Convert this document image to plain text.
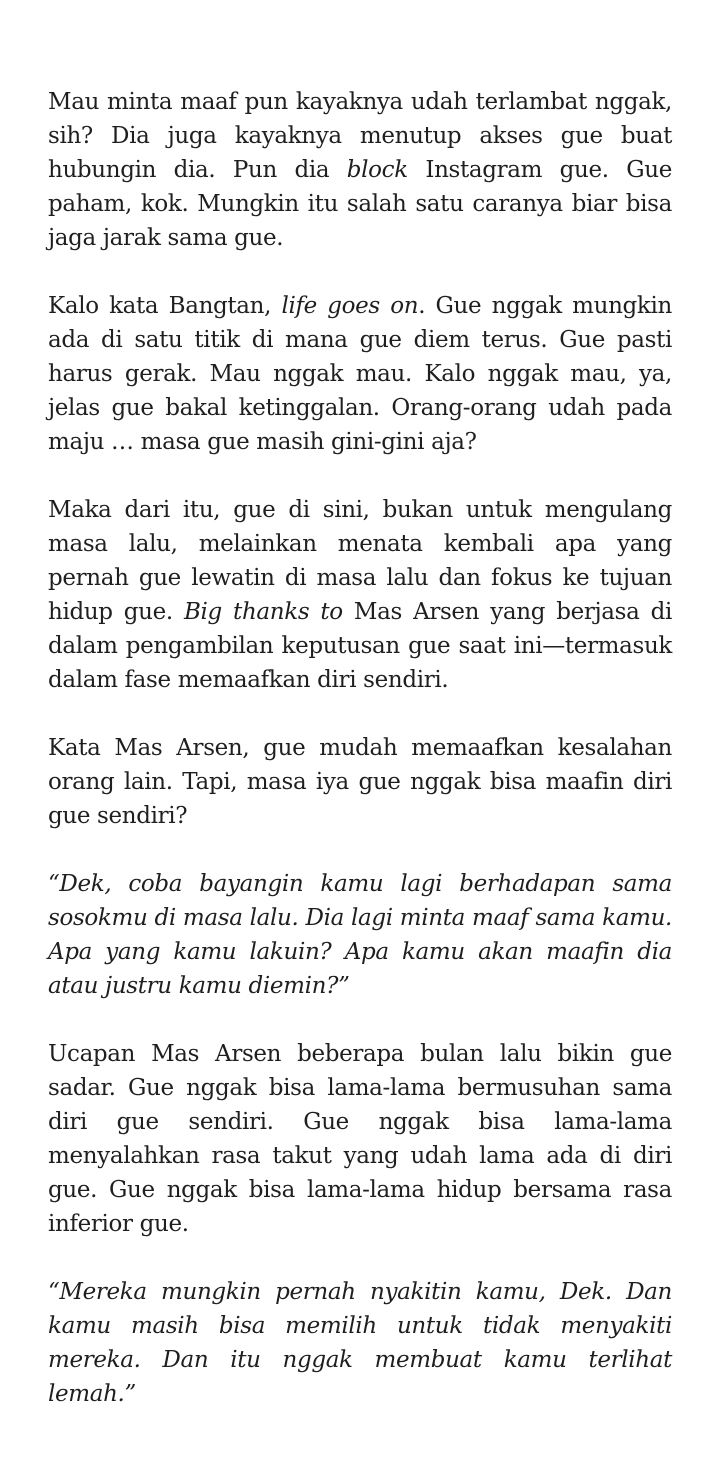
Mau minta maaf pun kayaknya udah terlambat nggak, sih? Dia juga kayaknya menutup akses gue buat hubungin dia. Pun dia block Instagram gue. Gue paham, kok. Mungkin itu salah satu caranya biar bisa jaga jarak sama gue.

Kalo kata Bangtan, life goes on. Gue nggak mungkin ada di satu titik di mana gue diem terus. Gue pasti harus gerak. Mau nggak mau. Kalo nggak mau, ya, jelas gue bakal ketinggalan. Orang-orang udah pada maju … masa gue masih gini-gini aja?

Maka dari itu, gue di sini, bukan untuk mengulang masa lalu, melainkan menata kembali apa yang pernah gue lewatin di masa lalu dan fokus ke tujuan hidup gue. Big thanks to Mas Arsen yang berjasa di dalam pengambilan keputusan gue saat ini—termasuk dalam fase memaafkan diri sendiri.

Kata Mas Arsen, gue mudah memaafkan kesalahan orang lain. Tapi, masa iya gue nggak bisa maafin diri gue sendiri?

“Dek, coba bayangin kamu lagi berhadapan sama sosokmu di masa lalu. Dia lagi minta maaf sama kamu. Apa yang kamu lakuin? Apa kamu akan maafin dia atau justru kamu diemin?”

Ucapan Mas Arsen beberapa bulan lalu bikin gue sadar. Gue nggak bisa lama-lama bermusuhan sama diri gue sendiri. Gue nggak bisa lama-lama menyalahkan rasa takut yang udah lama ada di diri gue. Gue nggak bisa lama-lama hidup bersama rasa inferior gue.

“Mereka mungkin pernah nyakitin kamu, Dek. Dan kamu masih bisa memilih untuk tidak menyakiti mereka. Dan itu nggak membuat kamu terlihat lemah.”
